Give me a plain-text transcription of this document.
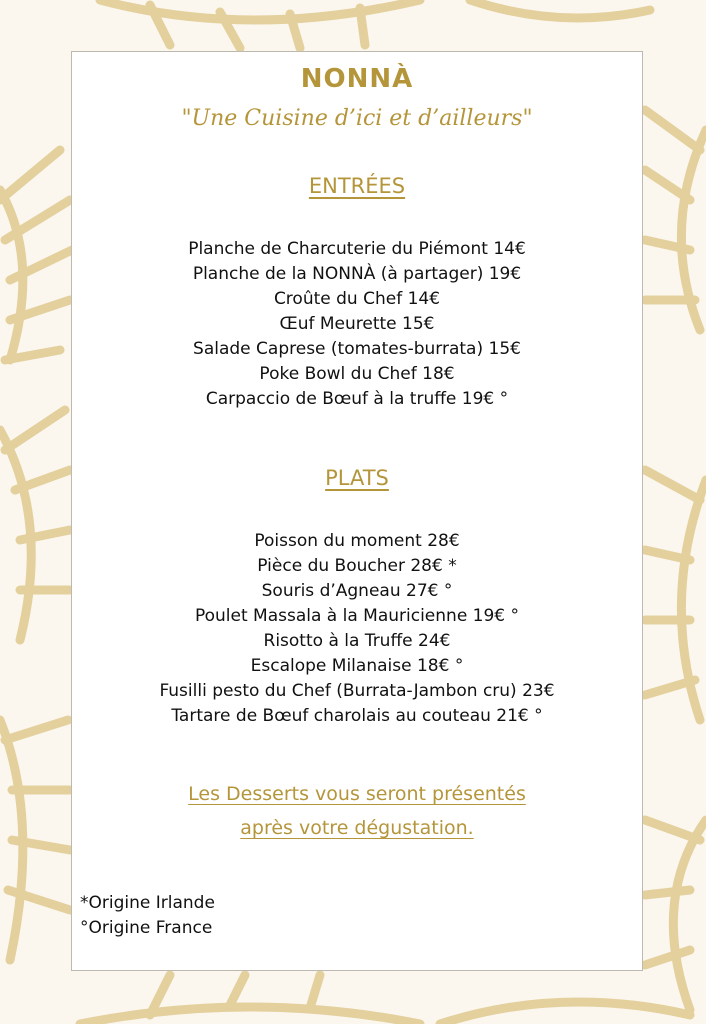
NONNÀ
"Une Cuisine d’ici et d’ailleurs"
ENTRÉES
Planche de Charcuterie du Piémont 14€
Planche de la NONNÀ (à partager) 19€
Croûte du Chef 14€
Œuf Meurette 15€
Salade Caprese (tomates-burrata) 15€
Poke Bowl du Chef 18€
Carpaccio de Bœuf à la truffe 19€ °
PLATS
Poisson du moment 28€
Pièce du Boucher 28€ *
Souris d’Agneau 27€ °
Poulet Massala à la Mauricienne 19€ °
Risotto à la Truffe 24€
Escalope Milanaise 18€ °
Fusilli pesto du Chef (Burrata-Jambon cru) 23€
Tartare de Bœuf charolais au couteau 21€ °
Les Desserts vous seront présentés
après votre dégustation.
*Origine Irlande
°Origine France
